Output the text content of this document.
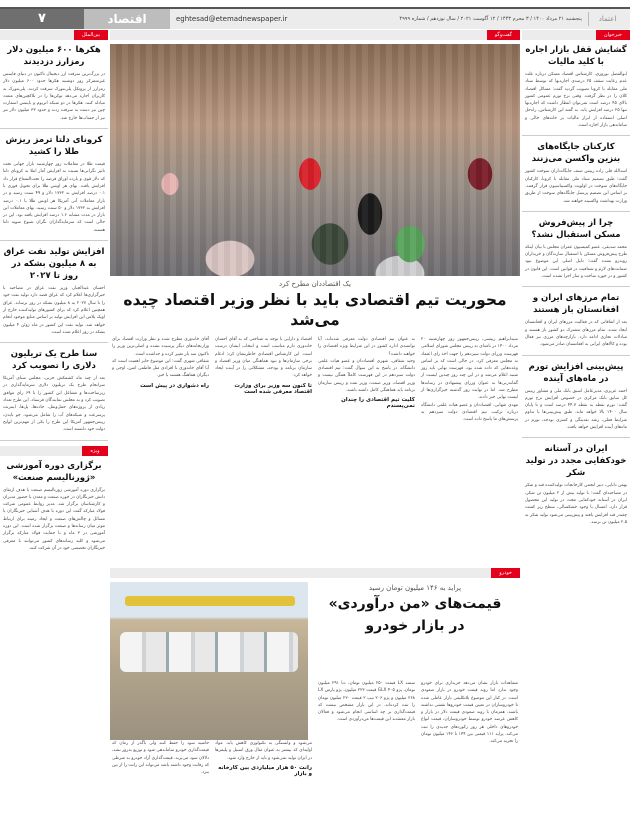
۷	اقتصاد	eghtesad@etemadnewspaper.ir	پنجشنبه ۲۱ مرداد ۱۴۰۰ / ۳ محرم ۱۴۴۳ / ۱۲ آگوست ۲۰۲۱ / سال نوزدهم / شماره ۴۹۹۹	اعتماد
بین‌الملل
هکرها ۶۰۰ میلیون دلار رمزارز دزدیدند

در بزرگ‌ترین سرقت ارز دیجیتال تاکنون در دنیای فایننس غیرمتمرکز روز دوشنبه هکرها حدود ۶۰۰ میلیون دلار رمزارز از پروتکل پلی‌نتورک سرقت کردند. پلی‌نتورک به کاربران اجازه می‌دهد توکن‌ها را در بلاکچین‌های متعدد مبادله کنند. هکرها در دو شبکه اتریوم و بایننس اسمارت چین نیز دست به سرقت زدند و حدود ۳۳ میلیون دلار تتر نیز از حساب‌ها خارج شد.

کرونای دلتا ترمز ریزش طلا را کشید

قیمت طلا در معاملات روز چهارشنبه بازار جهانی تحت تاثیر نگرانی‌ها نسبت به افزایش آمار ابتلا به کرونای دلتا که دلار قوی و بازده اوراق قرضه را تحت‌الشعاع قرار داد افزایش یافت. بهای هر اونس طلا برای تحویل فوری با ۰.۱ درصد افزایش به ۱۷۳۲ دلار و ۴۹ سنت رسید و در بازار معاملات آتی آمریکا هر اونس طلا با ۰.۱ درصد افزایش به ۱۷۳۲ دلار و ۵۰ سنت رسید. بهای معاملات این بازار در مدت مشابه ۱.۶ درصد افزایش یافته بود. این در حالی است که سرمایه‌گذاران نگران شیوع سویه دلتا هستند.

افزایش تولید نفت عراق به ۸ میلیون بشکه در روز تا ۲۰۲۷

احسان عبدالجبار، وزیر نفت عراق در مصاحبه با خبرگزاری‌ها اعلام کرد که عراق قصد دارد تولید نفت خود را تا سال ۲۰۲۷ به ۸ میلیون بشکه در روز برساند. عراق همچنین اعلام کرد که برای کشورهای تولیدکننده خارج از اوپک پلاس این افزایش تولید بر اساس منابع موجود انجام خواهد شد. تولید نفت این کشور در ماه ژوئن ۴ میلیون بشکه در روز اعلام شده است.

سنا طرح یک تریلیون دلاری را تصویب کرد

بعد از چند ماه کشمکش حزبی، مجلس سنای آمریکا سرانجام طرح یک تریلیون دلاری سرمایه‌گذاری در زیرساخت‌ها و مشاغل این کشور را با ۶۹ رای موافق تصویب کرد و به مجلس نمایندگان فرستاد. این طرح تعداد زیادی از پروژه‌های حمل‌ونقل، جاده‌ها، پل‌ها، اینترنت پرسرعت و شبکه‌های آب را شامل می‌شود. جو بایدن، رییس‌جمهور آمریکا این طرح را یکی از مهم‌ترین لوایح دولت خود دانسته است.

ویژه
برگزاری دوره آموزشی «ژورنالیسم صنعت»

برگزاری دوره آموزشی ژورنالیسم صنعت با هدف ارتقای دانش خبرنگاران در حوزه صنعت و معدن با حضور مدیران و کارشناسان برگزار شد. مدیر روابط عمومی شرکت فولاد مبارکه گفت این دوره با هدف آشنایی خبرنگاران با مسائل و چالش‌های صنعت و ایجاد زمینه برای ارتباط موثر میان رسانه‌ها و صنعت برگزار شده است. این دوره آموزشی در ۳ ماه و با حمایت فولاد مبارکه برگزار می‌شود و کلیه رسانه‌های کشور می‌توانند با معرفی خبرنگاران تخصصی خود در آن شرکت کنند.

گفت‌وگو
یک اقتصاددان مطرح کرد
محوریت تیم اقتصادی باید با نظر وزیر اقتصاد چیده می‌شد

سیدابراهیم رییسی، رییس‌جمهور روز چهارشنبه ۲۰ مرداد ۱۴۰۰ در نامه‌ای به رییس مجلس شورای اسلامی فهرست وزرای دولت سیزدهم را جهت اخذ رای اعتماد به مجلس معرفی کرد. در حالی است که بر اساس وعده‌هایی که داده شده بود، فهرست نهایی باید روز شنبه اعلام می‌شد و در این چند روز چندین لیست از گمانه‌زنی‌ها به عنوان وزرای پیشنهادی در رسانه‌ها مطرح شد. اما در نهایت روز گذشته خبرگزاری‌ها از لیست نهایی خبر دادند.

مهدی شهابی، اقتصاددان و عضو هیات علمی دانشگاه درباره ترکیب تیم اقتصادی دولت سیزدهم به پرسش‌های ما پاسخ داده است.

به عنوان تیم اقتصادی دولت معرفی شده‌اند، آیا توانمندی اداره کشور در این شرایط ویژه اقتصادی را خواهند داشت؟

وحید شقاقی، شهری اقتصاددان و عضو هیات علمی دانشگاه، در پاسخ به این سوال گفت: تیم اقتصادی دولت سیزدهم در این فهرست کاملاً همگن نیست و وزیر اقتصاد، وزیر صمت، وزیر نفت و رییس سازمان برنامه باید هماهنگی کامل داشته باشند.

کلیت تیم اقتصادی را چندان نمی‌پسندم

اقتصاد و دارایی با توجه به شناختی که به آقای احسان خاندوزی دارم مناسب است و انتخاب ایشان درست است. این کارشناس اقتصادی خاطرنشان کرد: ادغام برخی سازمان‌ها و نبود هماهنگی میان وزیر اقتصاد و سازمان برنامه و بودجه، مشکلاتی را در آینده ایجاد خواهد کرد.

تا کنون سه وزیر برای وزارت اقتصاد معرفی شده است

آقای خاندوزی مطرح شده و نظر وزارت اقتصاد برای وزارتخانه‌های دیگر پرسیده نشده و اصلی‌ترین وزیر را تاکنون سه بار تغییر کرده و جداشده است.

شقاقی شهری گفت: این موضوع حایز اهمیت است که آیا آقای خاندوزی با افرادی مثل فاطمی امین، اوجی و دیگران هماهنگ هستند یا خیر.

راه دشواری در پیش است
خودرو
پراید به ۱۴۶ میلیون تومان رسید
قیمت‌های «من درآوردی»
در بازار خودرو

مشاهدات بازار نشان می‌دهد خریداری برای خودرو وجود ندارد اما روند قیمت خودرو در بازار صعودی است. در کنار این موضوع بلاتکلیفی بازار عاملی شده تا خودروسازان در تعیین قیمت خودروها نقشی نداشته باشند. همزمان با روند صعودی قیمت دلار در بازار و کاهش عرضه خودرو توسط خودروسازان، قیمت انواع خودروهای داخلی هر روز رکوردهای جدیدی را ثبت می‌کند. پراید ۱۱۱ قیمتی بین ۱۴۴ تا ۱۴۶ میلیون تومان را تجربه می‌کند.

سمند LX قیمت ۲۵۰ میلیون تومان، دنا ۲۹۱ میلیون تومان، پژو ۴۰۵ GLX قیمت ۲۲۳ میلیون، پژو پارس LX ۲۶۸ میلیون و پژو ۲۰۶ تیپ ۲ قیمت ۲۳۰ میلیون تومان را ثبت کرده‌اند. در این بازار مشخص نیست که قیمت‌گذاری بر چه اساسی انجام می‌شود و فعالان بازار معتقدند این قیمت‌ها من‌درآوردی است.

می‌شود و وابستگی به تکنولوژی کاهش یابد. مواد اولیه‌ای که بیشتر به عنوان مثال ورق استیل و پلیمرها در ایران تولید نمی‌شود و باید از خارج وارد شود.

رانت ۵۰ هزار میلیاردی بین کارخانه و بازار

حاشیه سود را حفظ کنند ولی باگذر از زمان که قیمت‌گذاری خودرو ساماندهی شود و توزیع به‌روز نشد، دلالان سود می‌برند. قیمت‌گذاری آزاد خودرو به شرطی که رقابت وجود داشته باشد می‌تواند این رانت را از بین ببرد.

خبرخوان
گشایش قفل بازار اجاره با کلید مالیات

ابوالفضل نوروزی، کارشناس اقتصاد مسکن درباره علت عدم رعایت سقف ۲۵ درصدی اجاره‌بها که توسط ستاد ملی مقابله با کرونا تصویب گردید گفت: مسائل اقتصاد کلان را در نظر گرفت. وقتی نرخ تورم عمومی کشور بالای ۴۵ درصد است نمی‌توان انتظار داشت که اجاره‌بها تنها ۲۵ درصد افزایش یابد. به گفته این کارشناس، راه‌حل اصلی استفاده از ابزار مالیات بر خانه‌های خالی و ساماندهی بازار اجاره است.

کارکنان جایگاه‌های بنزین واکسن می‌زنند

اسدالله قلی زاده رییس صنف جایگاه‌داران سوخت کشور گفت: طبق تصمیم ستاد ملی مقابله با کرونا، کارکنان جایگاه‌های سوخت در اولویت واکسیناسیون قرار گرفتند. بر اساس این تصمیم پرسنل جایگاه‌های سوخت از طریق وزارت بهداشت واکسینه خواهند شد.

چرا از پیش‌فروش مسکن استقبال نشد؟

محمد صدیقی، عضو کمیسیون عمران مجلس با بیان اینکه طرح پیش‌فروش مسکن با استقبال سازندگان و خریداران روبه‌رو نشده گفت: دلیل اصلی این موضوع نبود ضمانت‌های لازم و شفافیت در قوانین است. این قانون در کشور و در حوزه ساخت و ساز اجرا نشده است.

تمام مرزهای ایران و افغانستان باز هستند

بعد از اتفاقاتی که در فعالیت مرزهای ایران و افغانستان ایجاد شده، تمام مرزهای مشترک دو کشور باز هستند و مبادلات تجاری ادامه دارد. بازارچه‌های مرزی نیز فعال بوده و کالاهای ایرانی به افغانستان صادر می‌شود.

پیش‌بینی افزایش تورم در ماه‌های آینده

احمد عزیزی، مدیرعامل اسبق بانک ملی و مشاور رییس کل سابق بانک مرکزی در خصوص افزایش نرخ تورم گفت: تورم نقطه به نقطه ۴۴.۷ درصد است و تا پایان سال ۱۴۰۰ بالا خواهد ماند. طبق پیش‌بینی‌ها با تداوم شرایط فعلی، رشد نقدینگی و کسری بودجه، تورم در ماه‌های آینده افزایش خواهد یافت.

ایران در آستانه خودکفایی مجدد در تولید شکر

بهمن دانایی، دبیر انجمن کارخانجات تولیدکننده قند و شکر در مصاحبه‌ای گفت: با تولید بیش از ۲ میلیون تن شکر، ایران در آستانه خودکفایی مجدد در تولید این محصول قرار دارد. امسال با وجود خشکسالی، سطح زیر کشت چغندر قند افزایش یافته و پیش‌بینی می‌شود تولید شکر به ۲.۵ میلیون تن برسد.
